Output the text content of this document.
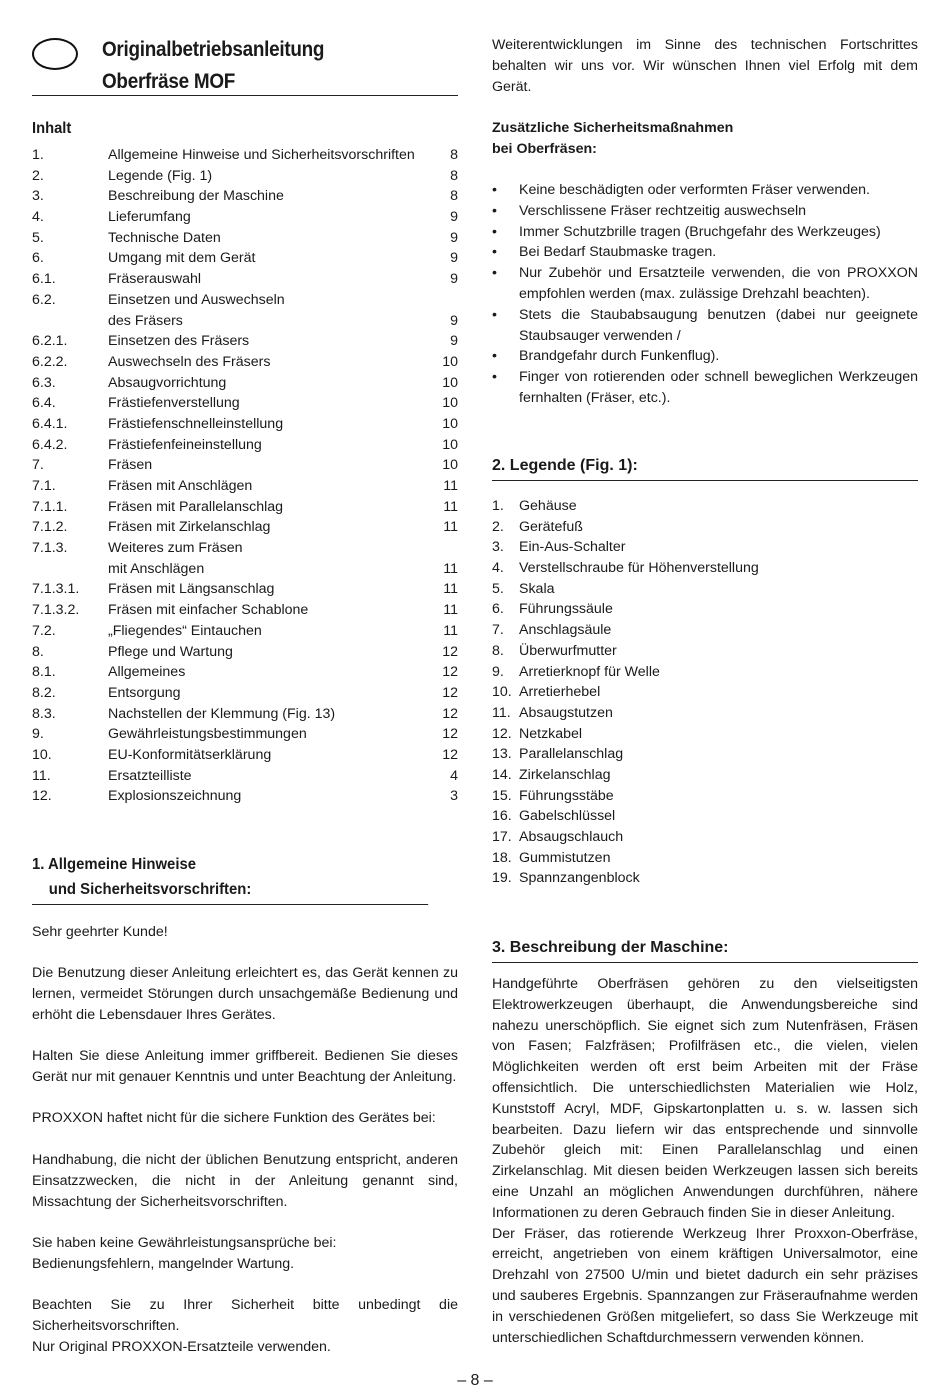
Originalbetriebsanleitung
Oberfräse MOF
Inhalt
1.	Allgemeine Hinweise und Sicherheitsvorschriften 8
2.	Legende (Fig. 1)	8
3.	Beschreibung der Maschine	8
4.	Lieferumfang	9
5.	Technische Daten	9
6.	Umgang mit dem Gerät	9
6.1.	Fräserauswahl	9
6.2.	Einsetzen und Auswechseln
des Fräsers	9
6.2.1.	Einsetzen des Fräsers	9
6.2.2.	Auswechseln des Fräsers	10
6.3.	Absaugvorrichtung	10
6.4.	Frästiefenverstellung	10
6.4.1.	Frästiefenschnelleinstellung	10
6.4.2.	Frästiefenfeineinstellung	10
7.	Fräsen	10
7.1.	Fräsen mit Anschlägen	11
7.1.1.	Fräsen mit Parallelanschlag	11
7.1.2.	Fräsen mit Zirkelanschlag	11
7.1.3.	Weiteres zum Fräsen
mit Anschlägen	11
7.1.3.1. Fräsen mit Längsanschlag	11
7.1.3.2. Fräsen mit einfacher Schablone	11
7.2.	„Fliegendes“ Eintauchen	11
8.	Pflege und Wartung	12
8.1.	Allgemeines	12
8.2.	Entsorgung	12
8.3.	Nachstellen der Klemmung (Fig. 13)	12
9.	Gewährleistungsbestimmungen	12
10.	EU-Konformitätserklärung	12
11.	Ersatzteilliste	4
12.	Explosionszeichnung	3
1. Allgemeine Hinweise
und Sicherheitsvorschriften:
Sehr geehrter Kunde!
Die Benutzung dieser Anleitung erleichtert es, das Gerät kennen zu lernen, vermeidet Störungen durch unsachgemäße Bedienung und erhöht die Lebensdauer Ihres Gerätes.
Halten Sie diese Anleitung immer griffbereit. Bedienen Sie dieses Gerät nur mit genauer Kenntnis und unter Beachtung der Anleitung.
PROXXON haftet nicht für die sichere Funktion des Gerätes bei:
Handhabung, die nicht der üblichen Benutzung entspricht, anderen Einsatzzwecken, die nicht in der Anleitung genannt sind, Missachtung der Sicherheitsvorschriften.
Sie haben keine Gewährleistungsansprüche bei:
Bedienungsfehlern, mangelnder Wartung.
Beachten Sie zu Ihrer Sicherheit bitte unbedingt die Sicherheitsvorschriften.
Nur Original PROXXON-Ersatzteile verwenden.
Weiterentwicklungen im Sinne des technischen Fortschrittes behalten wir uns vor. Wir wünschen Ihnen viel Erfolg mit dem Gerät.
Zusätzliche Sicherheitsmaßnahmen
bei Oberfräsen:
• Keine beschädigten oder verformten Fräser verwenden.
• Verschlissene Fräser rechtzeitig auswechseln
• Immer Schutzbrille tragen (Bruchgefahr des Werkzeuges)
• Bei Bedarf Staubmaske tragen.
• Nur Zubehör und Ersatzteile verwenden, die von PROXXON empfohlen werden (max. zulässige Drehzahl beachten).
• Stets die Staubabsaugung benutzen (dabei nur geeignete Staubsauger verwenden /
• Brandgefahr durch Funkenflug).
• Finger von rotierenden oder schnell beweglichen Werkzeugen fernhalten (Fräser, etc.).
2. Legende (Fig. 1):
1. Gehäuse
2. Gerätefuß
3. Ein-Aus-Schalter
4. Verstellschraube für Höhenverstellung
5. Skala
6. Führungssäule
7. Anschlagsäule
8. Überwurfmutter
9. Arretierknopf für Welle
10. Arretierhebel
11. Absaugstutzen
12. Netzkabel
13. Parallelanschlag
14. Zirkelanschlag
15. Führungsstäbe
16. Gabelschlüssel
17. Absaugschlauch
18. Gummistutzen
19. Spannzangenblock
3. Beschreibung der Maschine:
Handgeführte Oberfräsen gehören zu den vielseitigsten Elektrowerkzeugen überhaupt, die Anwendungsbereiche sind nahezu unerschöpflich. Sie eignet sich zum Nutenfräsen, Fräsen von Fasen; Falzfräsen; Profilfräsen etc., die vielen, vielen Möglichkeiten werden oft erst beim Arbeiten mit der Fräse offensichtlich. Die unterschiedlichsten Materialien wie Holz, Kunststoff Acryl, MDF, Gipskartonplatten u. s. w. lassen sich bearbeiten. Dazu liefern wir das entsprechende und sinnvolle Zubehör gleich mit: Einen Parallelanschlag und einen Zirkelanschlag. Mit diesen beiden Werkzeugen lassen sich bereits eine Unzahl an möglichen Anwendungen durchführen, nähere Informationen zu deren Gebrauch finden Sie in dieser Anleitung.
Der Fräser, das rotierende Werkzeug Ihrer Proxxon-Oberfräse, erreicht, angetrieben von einem kräftigen Universalmotor, eine Drehzahl von 27500 U/min und bietet dadurch ein sehr präzises und sauberes Ergebnis. Spannzangen zur Fräseraufnahme werden in verschiedenen Größen mitgeliefert, so dass Sie Werkzeuge mit unterschiedlichen Schaftdurchmessern verwenden können.
– 8 –
